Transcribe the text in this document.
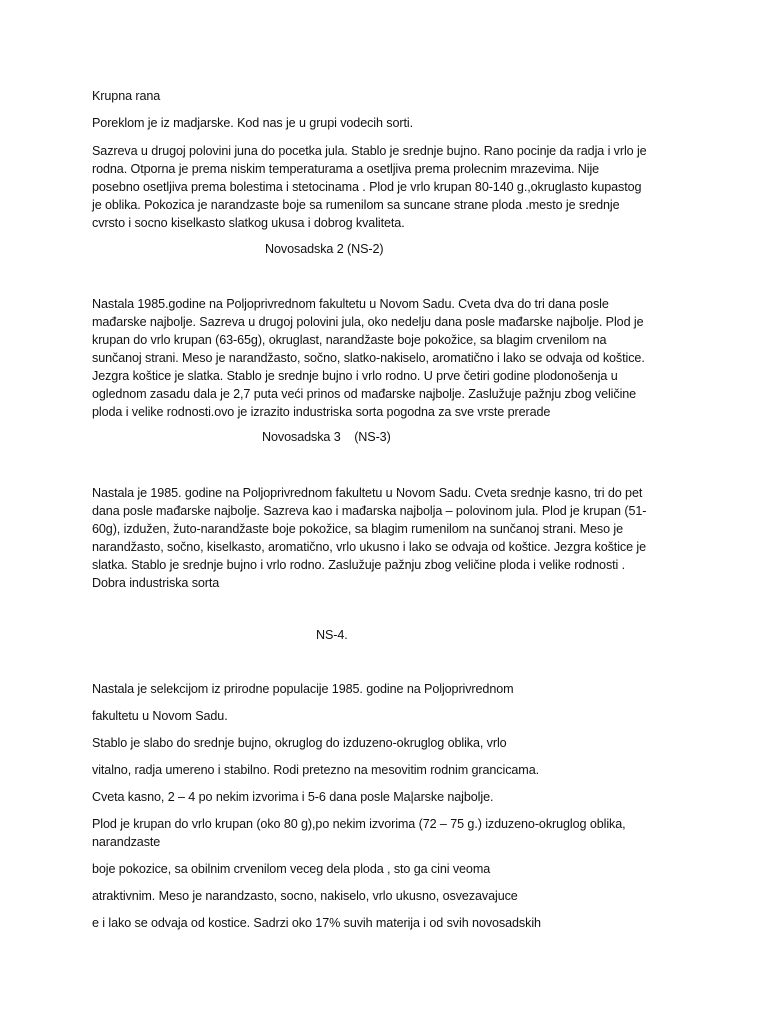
Krupna rana

Poreklom je iz madjarske. Kod nas je u grupi vodecih sorti.

Sazreva u drugoj polovini juna do pocetka jula. Stablo je srednje bujno. Rano pocinje da radja i vrlo je
rodna. Otporna je prema niskim temperaturama a osetljiva prema prolecnim mrazevima. Nije
posebno osetljiva prema bolestima i stetocinama . Plod je vrlo krupan 80-140 g.,okruglasto kupastog
je oblika. Pokozica je narandzaste boje sa rumenilom sa suncane strane ploda .mesto je srednje
cvrsto i socno kiselkasto slatkog ukusa i dobrog kvaliteta.

Novosadska 2 (NS-2)

Nastala 1985.godine na Poljoprivrednom fakultetu u Novom Sadu. Cveta dva do tri dana posle
mađarske najbolje. Sazreva u drugoj polovini jula, oko nedelju dana posle mađarske najbolje. Plod je
krupan do vrlo krupan (63-65g), okruglast, narandžaste boje pokožice, sa blagim crvenilom na
sunčanoj strani. Meso je narandžasto, sočno, slatko-nakiselo, aromatično i lako se odvaja od koštice.
Jezgra koštice je slatka. Stablo je srednje bujno i vrlo rodno. U prve četiri godine plodonošenja u
oglednom zasadu dala je 2,7 puta veći prinos od mađarske najbolje. Zaslužuje pažnju zbog veličine
ploda i velike rodnosti.ovo je izrazito industriska sorta pogodna za sve vrste prerade

Novosadska 3    (NS-3)

Nastala je 1985. godine na Poljoprivrednom fakultetu u Novom Sadu. Cveta srednje kasno, tri do pet
dana posle mađarske najbolje. Sazreva kao i mađarska najbolja – polovinom jula. Plod je krupan (51-
60g), izdužen, žuto-narandžaste boje pokožice, sa blagim rumenilom na sunčanoj strani. Meso je
narandžasto, sočno, kiselkasto, aromatično, vrlo ukusno i lako se odvaja od koštice. Jezgra koštice je
slatka. Stablo je srednje bujno i vrlo rodno. Zaslužuje pažnju zbog veličine ploda i velike rodnosti .
Dobra industriska sorta

NS-4.

Nastala je selekcijom iz prirodne populacije 1985. godine na Poljoprivrednom

fakultetu u Novom Sadu.

Stablo je slabo do srednje bujno, okruglog do izduzeno-okruglog oblika, vrlo

vitalno, radja umereno i stabilno. Rodi pretezno na mesovitim rodnim grancicama.

Cveta kasno, 2 – 4 po nekim izvorima i 5-6 dana posle Ma|arske najbolje.

Plod je krupan do vrlo krupan (oko 80 g),po nekim izvorima (72 – 75 g.) izduzeno-okruglog oblika,

narandzaste

boje pokozice, sa obilnim crvenilom veceg dela ploda , sto ga cini veoma

atraktivnim. Meso je narandzasto, socno, nakiselo, vrlo ukusno, osvezavajuce

e i lako se odvaja od kostice. Sadrzi oko 17% suvih materija i od svih novosadskih
